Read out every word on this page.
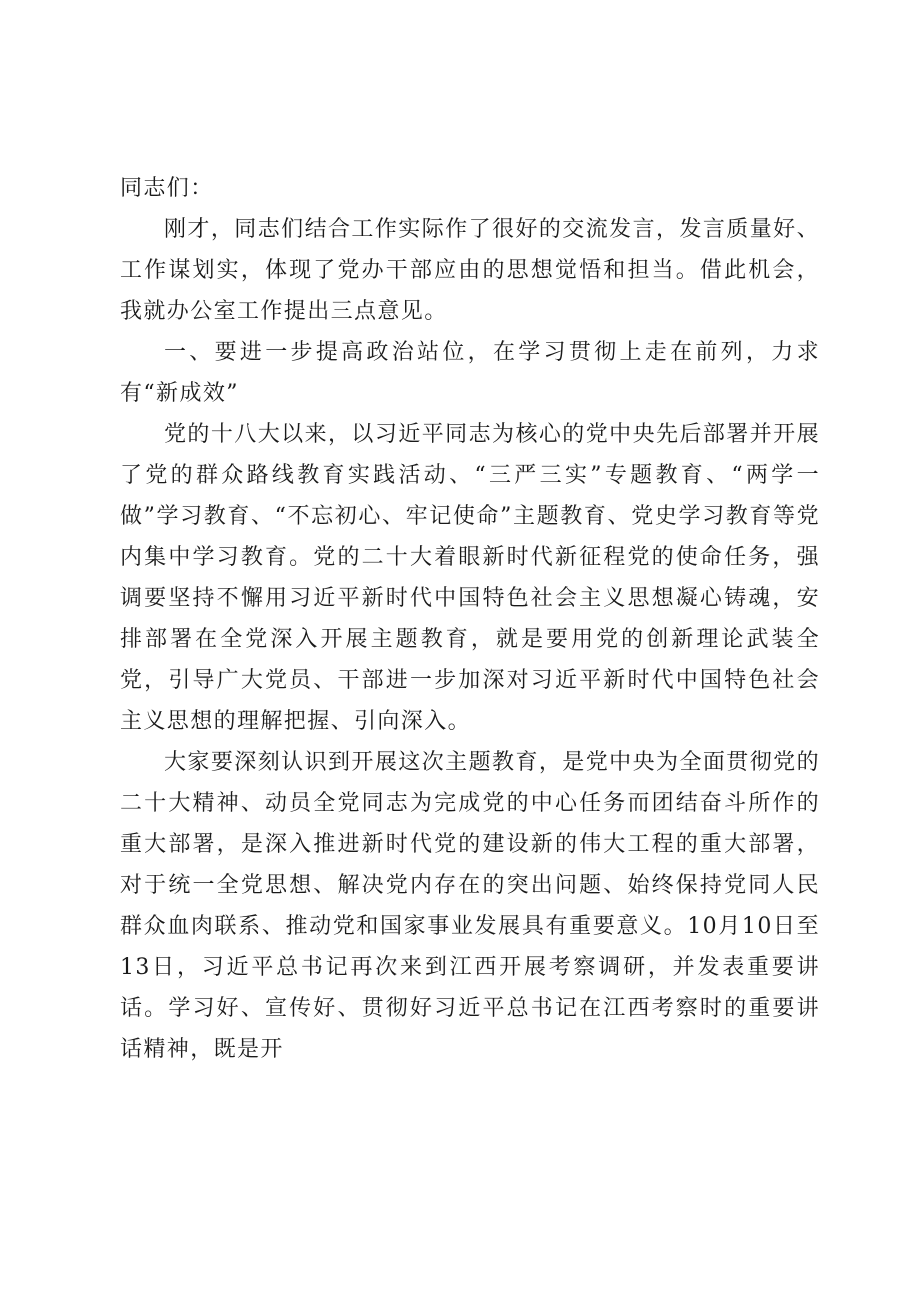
同志们：

刚才，同志们结合工作实际作了很好的交流发言，发言质量好、工作谋划实，体现了党办干部应由的思想觉悟和担当。借此机会，我就办公室工作提出三点意见。

一、要进一步提高政治站位，在学习贯彻上走在前列，力求有“新成效”

党的十八大以来，以习近平同志为核心的党中央先后部署并开展了党的群众路线教育实践活动、“三严三实”专题教育、“两学一做”学习教育、“不忘初心、牢记使命”主题教育、党史学习教育等党内集中学习教育。党的二十大着眼新时代新征程党的使命任务，强调要坚持不懈用习近平新时代中国特色社会主义思想凝心铸魂，安排部署在全党深入开展主题教育，就是要用党的创新理论武装全党，引导广大党员、干部进一步加深对习近平新时代中国特色社会主义思想的理解把握、引向深入。

大家要深刻认识到开展这次主题教育，是党中央为全面贯彻党的二十大精神、动员全党同志为完成党的中心任务而团结奋斗所作的重大部署，是深入推进新时代党的建设新的伟大工程的重大部署，对于统一全党思想、解决党内存在的突出问题、始终保持党同人民群众血肉联系、推动党和国家事业发展具有重要意义。10月10日至13日，习近平总书记再次来到江西开展考察调研，并发表重要讲话。学习好、宣传好、贯彻好习近平总书记在江西考察时的重要讲话精神，既是开
